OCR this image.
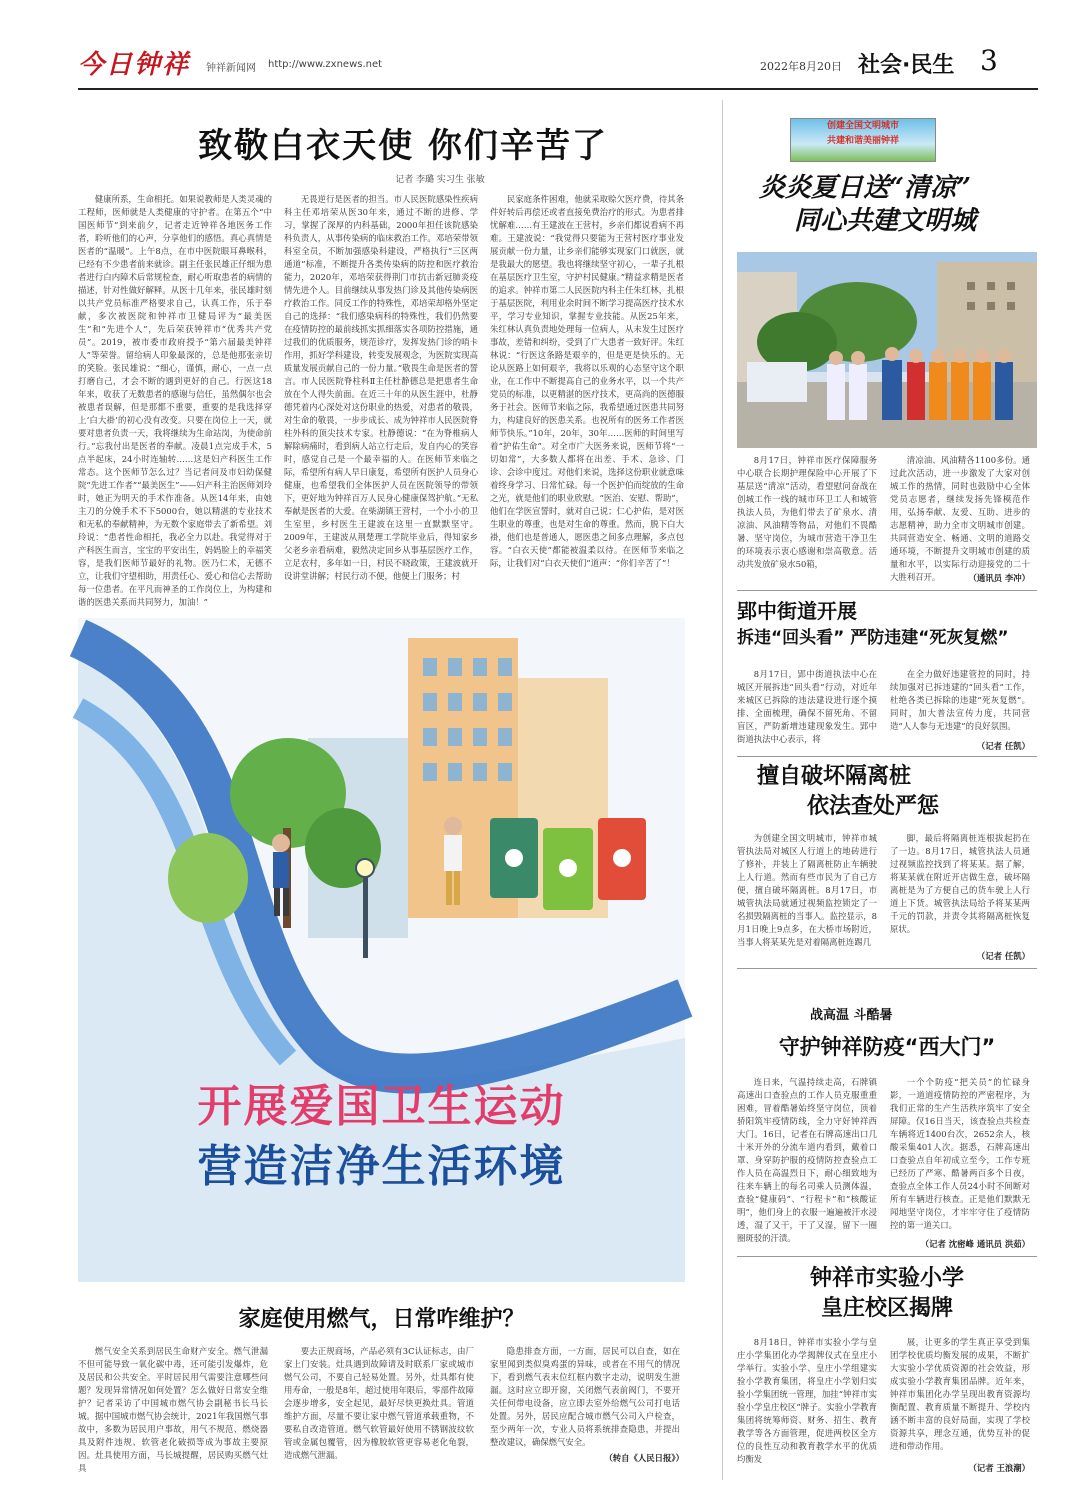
今日钟祥 钟祥新闻网 http://www.zxnews.net	2022年8月20日 社会·民生 3
致敬白衣天使 你们辛苦了
记者 李璐 实习生 张敏
健康所系，生命相托。如果说教师是人类灵魂的工程师，医师就是人类健康的守护者。在第五个“中国医师节”到来前夕，记者走近钟祥各地医务工作者，聆听他们的心声，分享他们的感悟。真心真情是医者的“温暖”。上午8点，在市中医院眼耳鼻喉科，已经有不少患者前来就诊。副主任张民雄正仔细为患者进行白内障术后常规检查，耐心听取患者的病情的描述，针对性做好解释。从医十几年来，张民雄时刻以共产党员标准严格要求自己，认真工作，乐于奉献，多次被医院和钟祥市卫健局评为“最美医生”和“先进个人”，先后荣获钟祥市“优秀共产党员”。2019，被市委市政府授予“第六届最美钟祥人”等荣誉。留给病人印象最深的，总是他那张亲切的笑脸。张民雄说：“细心，谨慎，耐心，一点一点打磨自己，才会不断的遇到更好的自己。行医这18年来，收获了无数患者的感谢与信任，虽然偶尔也会被患者误解，但是那都不重要，重要的是我选择穿上‘白大褂’的初心没有改变。只要在岗位上一天，就要对患者负责一天，我将继续为生命站岗，为使命前行。”忘我付出是医者的奉献。凌晨1点完成手术，5点半起床，24小时连轴转……这是妇产科医生工作常态。这个医师节怎么过？当记者问及市妇幼保健院“先进工作者”“最美医生”——妇产科主治医师刘玲时，她正为明天的手术作准备。从医14年来，由她主刀的分娩手术不下5000台，她以精湛的专业技术和无私的奉献精神，为无数个家庭带去了新希望。刘玲说：“患者性命相托，我必全力以赴。我觉得对于产科医生而言，宝宝的平安出生，妈妈脸上的幸福笑容，是我们医师节最好的礼物。医乃仁术，无德不立，让我们守望相助，用责任心、爱心和信心去帮助每一位患者。在平凡而神圣的工作岗位上，为构建和谐的医患关系而共同努力，加油！”
无畏逆行是医者的担当。市人民医院感染性疾病科主任邓培荣从医30年来，通过不断的进修、学习，掌握了深厚的内科基础，2000年担任该院感染科负责人，从事传染病的临床救治工作。邓培荣带领科室全员，不断加强感染科建设，严格执行“三区两通道”标准，不断提升各类传染病的防控和医疗救治能力，2020年，邓培荣获得荆门市抗击新冠肺炎疫情先进个人。目前继续从事发热门诊及其他传染病医疗救治工作。同反工作的特殊性，邓培荣却格外坚定自己的选择：“我们感染病科的特殊性，我们仍然要在疫情防控的最前线抓实抓细落实各项防控措施，通过我们的优质服务，规范诊疗，发挥发热门诊的哨卡作用，抓好学科建设，转变发展观念，为医院实现高质量发展贡献自己的一份力量。”敬畏生命是医者的誓言。市人民医院脊柱科Ⅱ主任杜静德总是把患者生命放在个人得失前面。在近三十年的从医生涯中，杜静德凭着内心深处对这份职业的热爱，对患者的敬畏，对生命的敬畏，一步步成长、成为钟祥市人民医院脊柱外科的顶尖技术专家。杜静德说：“在为脊椎病人解除病痛时，看到病人站立行走后，发自内心的笑容时，感觉自己是一个最幸福的人。在医师节来临之际，希望所有病人早日康复，希望所有医护人员身心健康，也希望我们全体医护人员在医院领导的带领下，更好地为钟祥百万人民身心健康保驾护航。”无私奉献是医者的大爱。在柴湖镇王营村，一个小小的卫生室里，乡村医生王建波在这里一直默默坚守。2009年，王建波从荆楚理工学院毕业后，得知家乡父老乡亲看病难，毅然决定回乡从事基层医疗工作，立足农村，多年如一日，村民不晓政策，王建波就开设讲堂讲解；村民行动不便，他便上门服务；村
民家庭条件困难，他就采取赊欠医疗费，待其条件好转后再偿还或者直接免费治疗的形式。为患者排忧解难……有王建波在王营村，乡亲们都说看病不再难。王建波说：“我觉得只要能为王营村医疗事业发展贡献一份力量，让乡亲们能够实现家门口就医，就是我最大的愿望。我也将继续坚守初心，一辈子扎根在基层医疗卫生室，守护村民健康。”精益求精是医者的追求。钟祥市第二人民医院内科主任朱红林，扎根于基层医院，利用业余时间不断学习提高医疗技术水平，学习专业知识，掌握专业技能。从医25年来，朱红林认真负责地处理每一位病人，从未发生过医疗事故，差错和纠纷，受到了广大患者一致好评。朱红林说：“行医这条路是艰辛的，但是更是快乐的。无论从医路上如何艰辛，我将以乐观的心态坚守这个职业，在工作中不断提高自己的业务水平，以一个共产党员的标准，以更精湛的医疗技术，更高尚的医德服务于社会。医师节来临之际，我希望通过医患共同努力，构建良好的医患关系。也祝所有的医务工作者医师节快乐。”10年，20年，30年……医师的时间里写着“护佑生命”。对全市广大医务来说，医师节将“一切如常”，大多数人都将在出差、手术、急诊、门诊、会诊中度过。对他们来说，选择这份职业就意味着终身学习、日常忙碌。每一个医护伯而绽放的生命之光，就是他们的职业欣慰。“医治、安慰、帮助”，他们在学医宣誓时，就对自己说；仁心护佑，是对医生职业的尊重，也是对生命的尊重。然而，脱下白大褂，他们也是普通人，愿医患之间多点理解，多点包容。“白衣天使”都能被温柔以待。在医师节来临之际，让我们对“白衣天使们”道声：“你们辛苦了”！
创建全国文明城市
共建和谐美丽钟祥
炎炎夏日送“清凉”
同心共建文明城
8月17日，钟祥市医疗保障服务中心联合长期护理保险中心开展了下基层送“清凉”活动，看望慰问奋战在创城工作一线的城市环卫工人和城管执法人员，为他们带去了矿泉水、清凉油、风油精等物品，对他们不畏酷暑、坚守岗位，为城市营造干净卫生的环境表示衷心感谢和崇高敬意。活动共发放矿泉水50箱，
清凉油、风油精各1100多份。通过此次活动，进一步激发了大家对创城工作的热情，同时也鼓励中心全体党员志愿者，继续发扬先锋模范作用，弘扬奉献、友爱、互助、进步的志愿精神，助力全市文明城市创建。共同营造安全、畅通、文明的道路交通环境，不断提升文明城市创建的质量和水平，以实际行动迎接党的二十大胜利召开。	（通讯员 李冲）
郢中街道开展
拆违“回头看” 严防违建“死灰复燃”
8月17日，郢中街道执法中心在城区开展拆违“回头看”行动，对近年来城区已拆除的违法建设进行逐个摸排、全面梳理，确保不留死角、不留盲区，严防新增违建现象发生。郢中街道执法中心表示，将
在全力做好违建管控的同时，持续加强对已拆违建的“回头看”工作，杜绝各类已拆除的违建“死灰复燃”。同时，加大普法宣传力度，共同营造“人人参与无违建”的良好氛围。
（记者 任凯）
擅自破坏隔离桩
依法查处严惩
为创建全国文明城市，钟祥市城管执法局对城区人行道上的地砖进行了修补，并装上了隔离桩防止车辆驶上人行道。然而有些市民为了自己方便，擅自破坏隔离桩。8月17日，市城管执法局就通过视频监控锁定了一名损毁隔离桩的当事人。监控显示，8月1日晚上9点多，在大桥市场附近，当事人将某某先是对着隔离桩连踢几
脚，最后将隔离桩连根拔起扔在了一边。8月17日，城管执法人员通过视频监控找到了将某某。据了解，将某某就在附近开店做生意，破坏隔离桩是为了方便自己的货车驶上人行道上下货。城管执法局给予将某某两千元的罚款，并责令其将隔离桩恢复原状。
（记者 任凯）
战高温 斗酷暑
守护钟祥防疫“西大门”
连日来，气温持续走高，石牌镇高速出口查验点的工作人员克服重重困难，冒着酷暑始终坚守岗位，顶着骄阳筑牢疫情防线，全力守好钟祥西大门。16日，记者在石牌高速出口几十米开外的分流车道内看到，戴着口罩、身穿防护服的疫情防控查验点工作人员在高温烈日下，耐心细致地为往来车辆上的每名司乘人员测体温，查验“健康码”、“行程卡”和“核酸证明”，他们身上的衣服一遍遍被汗水浸透，湿了又干，干了又湿，留下一圈圈斑驳的汗渍。
一个个防疫“把关员”的忙碌身影，一道道疫情防控的严密程序，为我们正常的生产生活秩序筑牢了安全屏障。仅16日当天，该查验点共检查车辆将近1400台次，2652余人，核酸采集401人次。据悉，石牌高速出口查验点自年初成立至今，工作专班已经历了严寒、酷暑两百多个日夜，查验点全体工作人员24小时不间断对所有车辆进行核查。正是他们默默无闻地坚守岗位，才牢牢守住了疫情防控的第一道关口。
（记者 沈密峰 通讯员 洪茹）
钟祥市实验小学
皇庄校区揭牌
8月18日，钟祥市实验小学与皇庄小学集团化办学揭牌仪式在皇庄小学举行。实验小学、皇庄小学组建实验小学教育集团，将皇庄小学划归实验小学集团统一管理，加挂“钟祥市实验小学皇庄校区”牌子。实验小学教育集团将统筹师资、财务、招生、教育教学等各方面管理，促进两校区全方位的良性互动和教育教学水平的优质均衡发
展，让更多的学生真正享受到集团学校优质均衡发展的成果，不断扩大实验小学优质资源的社会效益，形成实验小学教育集团品牌。近年来，钟祥市集团化办学呈现出教育资源均衡配置、教育质量不断提升、学校内涵不断丰富的良好局面，实现了学校资源共享，理念互通，优势互补的促进和带动作用。
（记者 王浪潮）
开展爱国卫生运动
营造洁净生活环境
家庭使用燃气，日常咋维护？
燃气安全关系到居民生命财产安全。燃气泄漏不但可能导致一氧化碳中毒，还可能引发爆炸，危及居民和公共安全。平时居民用气需要注意哪些问题？发现异常情况如何处置？怎么做好日常安全维护？记者采访了中国城市燃气协会副秘书长马长城。据中国城市燃气协会统计，2021年我国燃气事故中，多数为居民用户事故，用气不规范、燃烧器具及附件违规、软管老化破损等成为事故主要原因。灶具使用方面，马长城提醒，居民购买燃气灶具
要去正规商场，产品必须有3C认证标志，由厂家上门安装。灶具遇到故障请及时联系厂家或城市燃气公司，不要自己轻易处置。另外，灶具都有使用寿命，一般是8年，超过使用年限后，零部件故障会逐步增多，安全起见，最好尽快更换灶具。管道维护方面，尽量不要让家中燃气管道承载重物，不要私自改造管道。燃气软管最好使用不锈钢波纹软管或金属包覆管，因为橡胶软管更容易老化龟裂，造成燃气泄漏。
隐患排查方面，一方面，居民可以自查，如在家里闻到类似臭鸡蛋的异味，或者在不用气的情况下，看到燃气表末位红框内数字走动，说明发生泄漏。这时应立即开窗，关闭燃气表前阀门，不要开关任何带电设备，应立即去室外给燃气公司打电话处置。另外，居民应配合城市燃气公司入户检查，至少两年一次，专业人员将系统排查隐患，并提出整改建议，确保燃气安全。
（转自《人民日报》）
